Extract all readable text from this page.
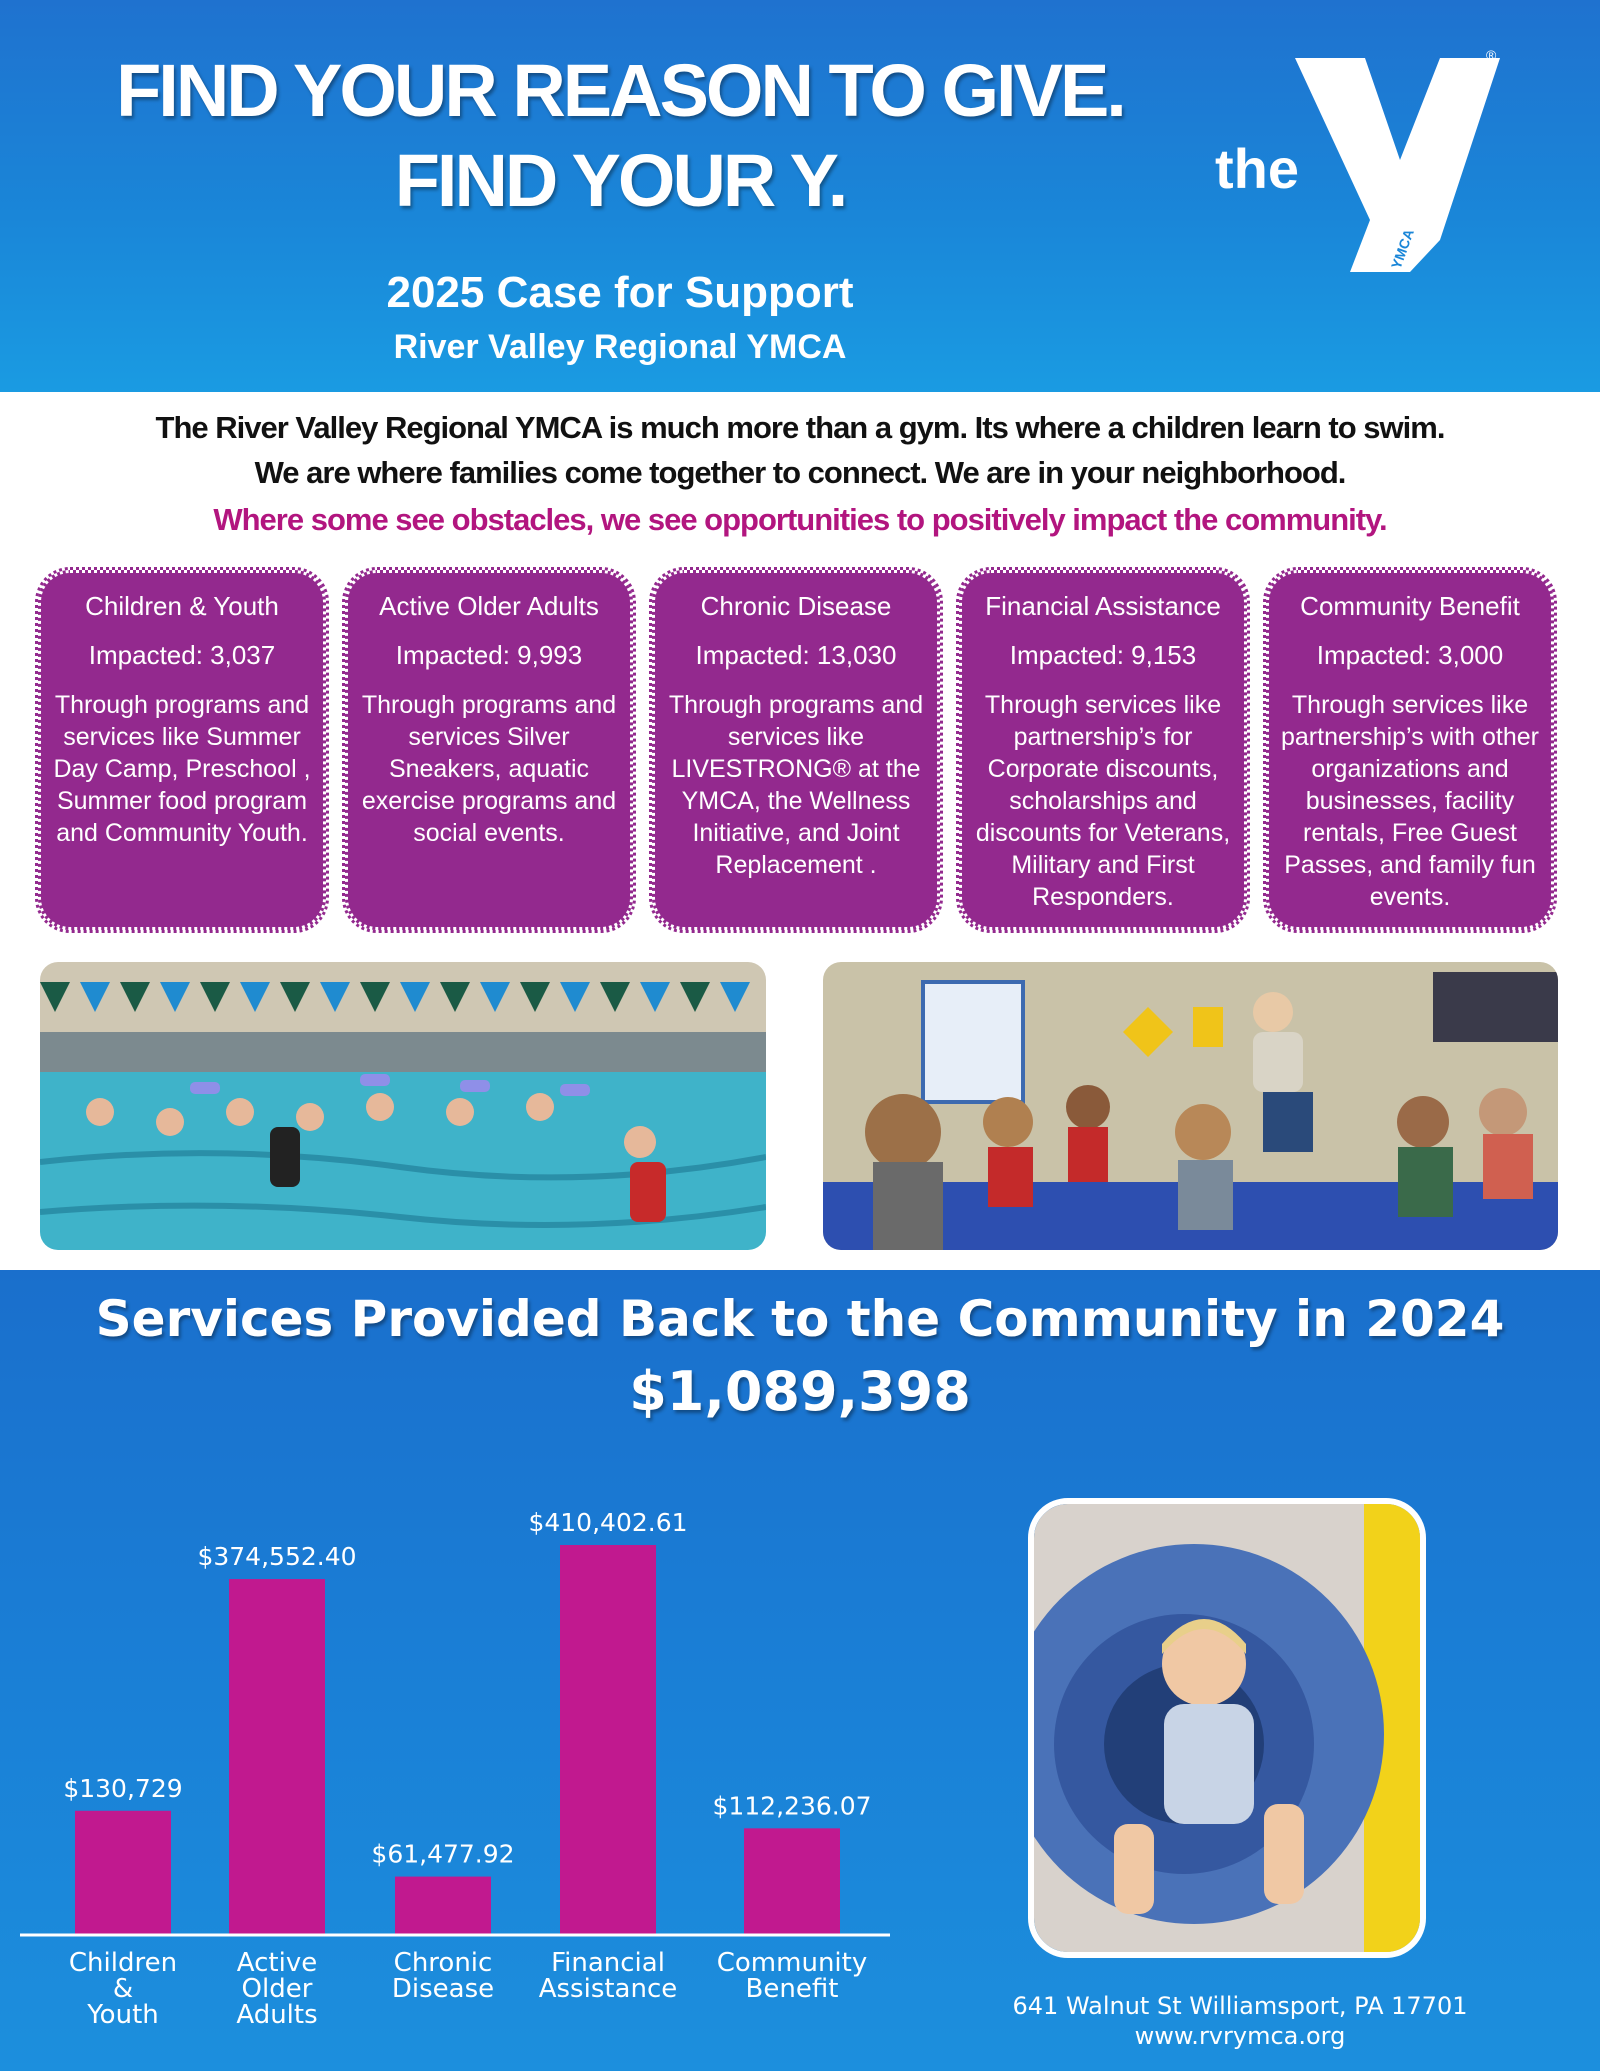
FIND YOUR REASON TO GIVE.
FIND YOUR Y.
2025 Case for Support
River Valley Regional YMCA
the
YMCA
®
The River Valley Regional YMCA is much more than a gym. Its where a children learn to swim.
We are where families come together to connect. We are in your neighborhood.
Where some see obstacles, we see opportunities to positively impact the community.
Children & Youth
Impacted: 3,037
Through programs and services like Summer Day Camp, Preschool , Summer food program and Community Youth.
Active Older Adults
Impacted: 9,993
Through programs and services Silver Sneakers, aquatic exercise programs and social events.
Chronic Disease
Impacted: 13,030
Through programs and services like LIVESTRONG® at the YMCA, the Wellness Initiative, and Joint Replacement .
Financial Assistance
Impacted: 9,153
Through services like partnership’s for Corporate discounts, scholarships and discounts for Veterans, Military and First Responders.
Community Benefit
Impacted: 3,000
Through services like partnership’s with other organizations and businesses, facility rentals, Free Guest Passes, and family fun events.
Services Provided Back to the Community in 2024
$1,089,398
$130,729
Children
&
Youth
$374,552.40
Active
Older
Adults
$61,477.92
Chronic
Disease
$410,402.61
Financial
Assistance
$112,236.07
Community
Benefit
641 Walnut St Williamsport, PA 17701
www.rvrymca.org
